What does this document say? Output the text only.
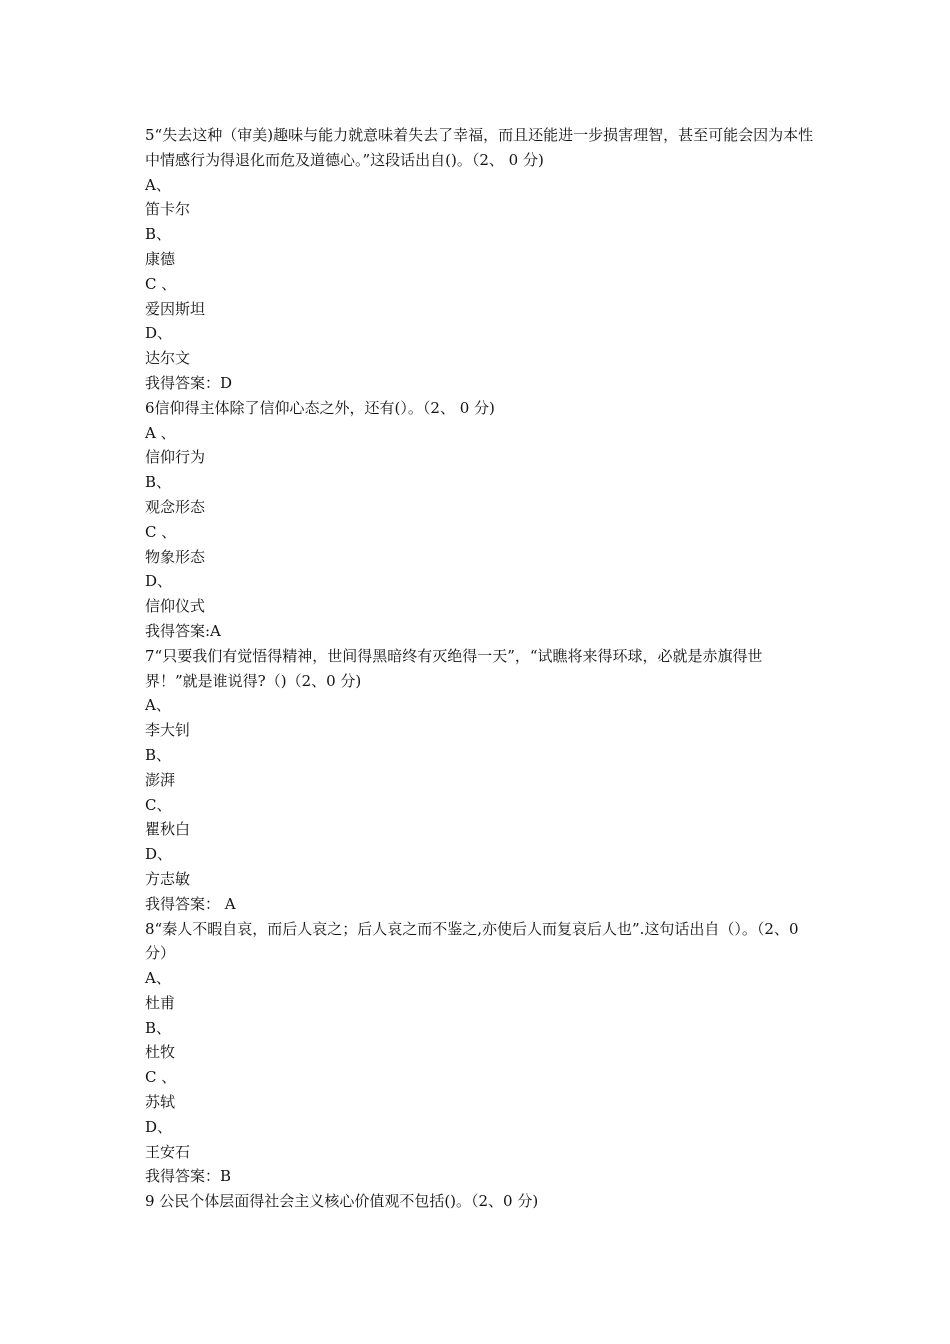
5“失去这种（审美)趣味与能力就意味着失去了幸福，而且还能进一步损害理智，甚至可能会因为本性中情感行为得退化而危及道德心。”这段话出自()。（2、 0 分)
A、
笛卡尔
B、
康德
C 、
爱因斯坦
D、
达尔文
我得答案：D
6信仰得主体除了信仰心态之外，还有(）。（2、 0 分)
A 、
信仰行为
B、
观念形态
C 、
物象形态
D、
信仰仪式
我得答案:A
7“只要我们有觉悟得精神，世间得黑暗终有灭绝得一天”，“试瞧将来得环球，必就是赤旗得世界！”就是谁说得?（)（2、0 分)
A、
李大钊
B、
澎湃
C、
瞿秋白
D、
方志敏
我得答案： A
8“秦人不暇自哀，而后人哀之；后人哀之而不鉴之,亦使后人而复哀后人也”.这句话出自（）。（2、0 分）
A、
杜甫
B、
杜牧
C 、
苏轼
D、
王安石
我得答案：B
9 公民个体层面得社会主义核心价值观不包括()。（2、0 分)
